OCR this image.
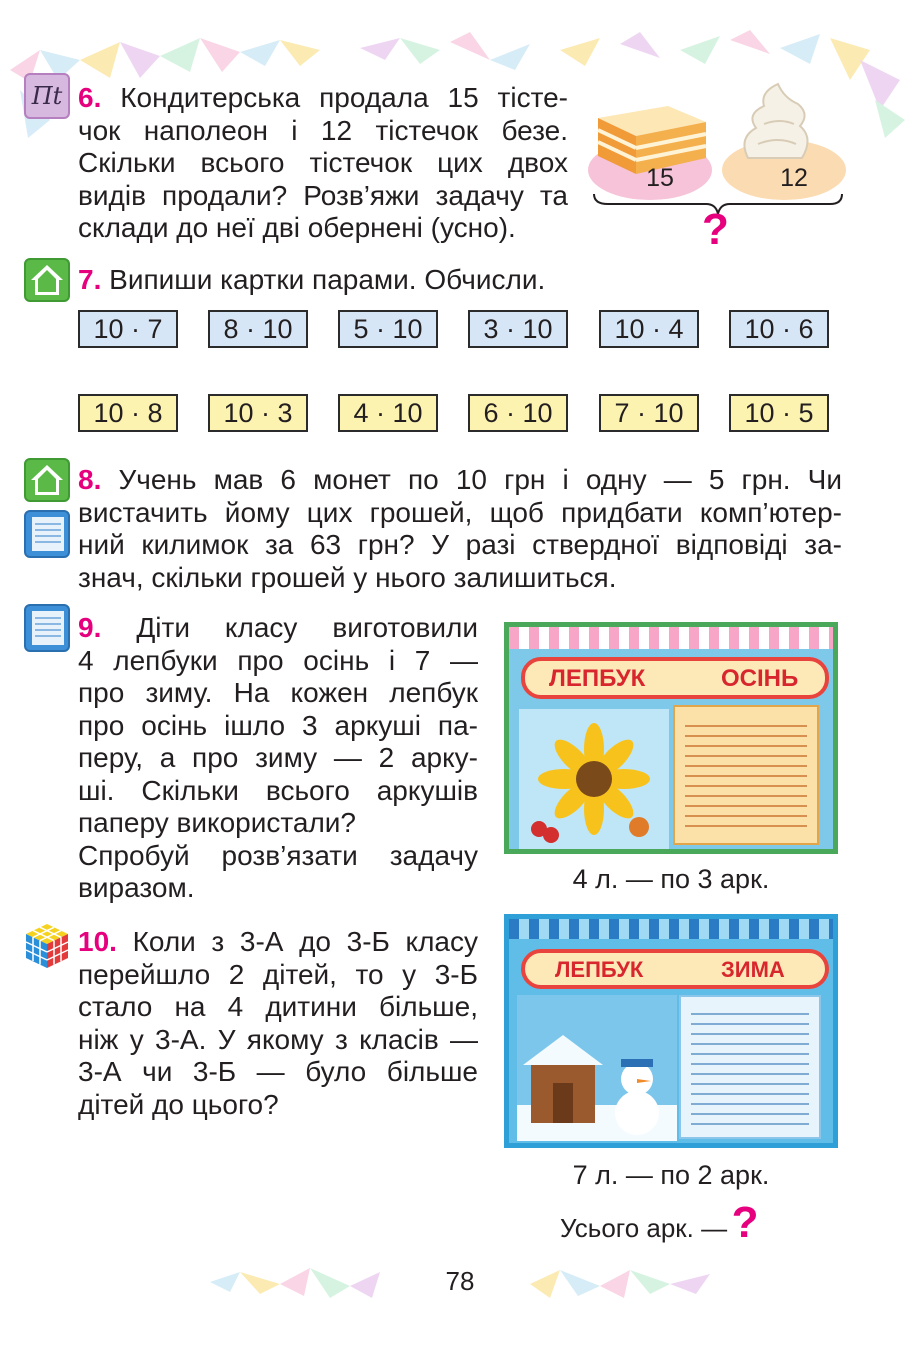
Пt 6. Кондитерська продала 15 тісте-
чок наполеон і 12 тістечок безе.
Скільки всього тістечок цих двох
видів продали? Розв’яжи задачу та
склади до неї дві обернені (усно).
15	12
?
7. Випиши картки парами. Обчисли.
10 · 7	8 · 10	5 · 10	3 · 10	10 · 4	10 · 6
10 · 8	10 · 3	4 · 10	6 · 10	7 · 10	10 · 5
8. Учень мав 6 монет по 10 грн і одну — 5 грн. Чи
вистачить йому цих грошей, щоб придбати комп’ютер-
ний килимок за 63 грн? У разі ствердної відповіді за-
знач, скільки грошей у нього залишиться.
9. Діти класу виготовили
4 лепбуки про осінь і 7 —
про зиму. На кожен лепбук
про осінь ішло 3 аркуші па-
перу, а про зиму — 2 арку-
ші. Скільки всього аркушів
паперу використали?
Спробуй розв’язати задачу
виразом.
ЛЕПБУК	ОСІНЬ
4 л. — по 3 арк.
10. Коли з 3-А до 3-Б класу
перейшло 2 дітей, то у 3-Б
стало на 4 дитини більше,
ніж у 3-А. У якому з класів —
3-А чи 3-Б — було більше
дітей до цього?
ЛЕПБУК	ЗИМА
7 л. — по 2 арк.
Усього арк. — ?
78
